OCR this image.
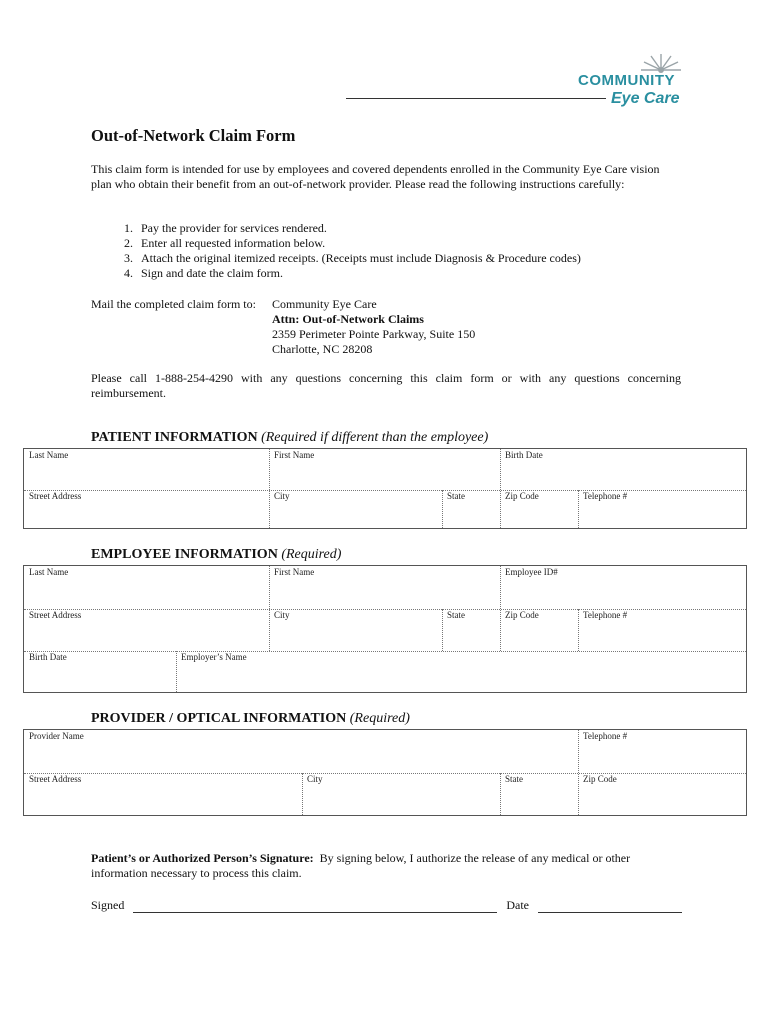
COMMUNITY
Eye Care
Out-of-Network Claim Form
This claim form is intended for use by employees and covered dependents enrolled in the Community Eye Care vision plan who obtain their benefit from an out-of-network provider. Please read the following instructions carefully:
1. Pay the provider for services rendered.
2. Enter all requested information below.
3. Attach the original itemized receipts. (Receipts must include Diagnosis & Procedure codes)
4. Sign and date the claim form.
Mail the completed claim form to: Community Eye Care
Attn: Out-of-Network Claims
2359 Perimeter Pointe Parkway, Suite 150
Charlotte, NC 28208
Please call 1-888-254-4290 with any questions concerning this claim form or with any questions concerning reimbursement.
PATIENT INFORMATION (Required if different than the employee)
Last Name	First Name	Birth Date
Street Address	City	State	Zip Code	Telephone #
EMPLOYEE INFORMATION (Required)
Last Name	First Name	Employee ID#
Street Address	City	State	Zip Code	Telephone #
Birth Date	Employer’s Name
PROVIDER / OPTICAL INFORMATION (Required)
Provider Name	Telephone #
Street Address	City	State	Zip Code
Patient’s or Authorized Person’s Signature: By signing below, I authorize the release of any medical or other information necessary to process this claim.
Signed	Date
